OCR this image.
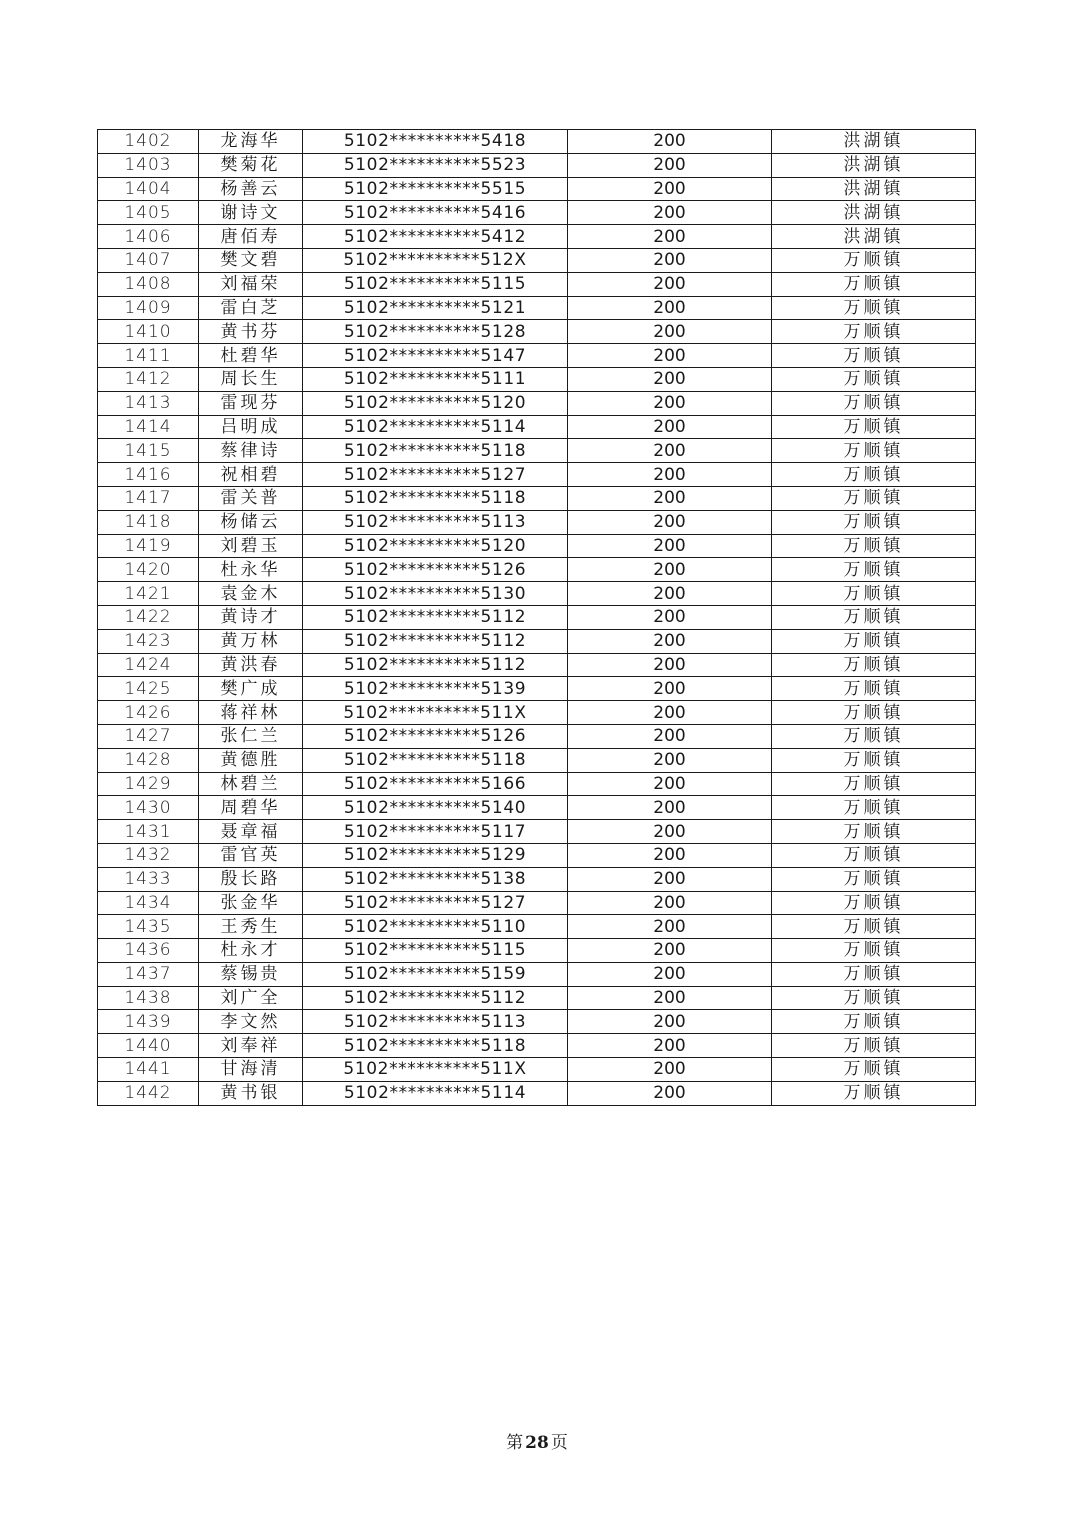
1402	龙海华	5102**********5418	200	洪湖镇
1403	樊菊花	5102**********5523	200	洪湖镇
1404	杨善云	5102**********5515	200	洪湖镇
1405	谢诗文	5102**********5416	200	洪湖镇
1406	唐佰寿	5102**********5412	200	洪湖镇
1407	樊文碧	5102**********512X	200	万顺镇
1408	刘福荣	5102**********5115	200	万顺镇
1409	雷白芝	5102**********5121	200	万顺镇
1410	黄书芬	5102**********5128	200	万顺镇
1411	杜碧华	5102**********5147	200	万顺镇
1412	周长生	5102**********5111	200	万顺镇
1413	雷现芬	5102**********5120	200	万顺镇
1414	吕明成	5102**********5114	200	万顺镇
1415	蔡律诗	5102**********5118	200	万顺镇
1416	祝相碧	5102**********5127	200	万顺镇
1417	雷关普	5102**********5118	200	万顺镇
1418	杨储云	5102**********5113	200	万顺镇
1419	刘碧玉	5102**********5120	200	万顺镇
1420	杜永华	5102**********5126	200	万顺镇
1421	袁金木	5102**********5130	200	万顺镇
1422	黄诗才	5102**********5112	200	万顺镇
1423	黄万林	5102**********5112	200	万顺镇
1424	黄洪春	5102**********5112	200	万顺镇
1425	樊广成	5102**********5139	200	万顺镇
1426	蒋祥林	5102**********511X	200	万顺镇
1427	张仁兰	5102**********5126	200	万顺镇
1428	黄德胜	5102**********5118	200	万顺镇
1429	林碧兰	5102**********5166	200	万顺镇
1430	周碧华	5102**********5140	200	万顺镇
1431	聂章福	5102**********5117	200	万顺镇
1432	雷官英	5102**********5129	200	万顺镇
1433	殷长路	5102**********5138	200	万顺镇
1434	张金华	5102**********5127	200	万顺镇
1435	王秀生	5102**********5110	200	万顺镇
1436	杜永才	5102**********5115	200	万顺镇
1437	蔡锡贵	5102**********5159	200	万顺镇
1438	刘广全	5102**********5112	200	万顺镇
1439	李文然	5102**********5113	200	万顺镇
1440	刘奉祥	5102**********5118	200	万顺镇
1441	甘海清	5102**********511X	200	万顺镇
1442	黄书银	5102**********5114	200	万顺镇
第 28 页
